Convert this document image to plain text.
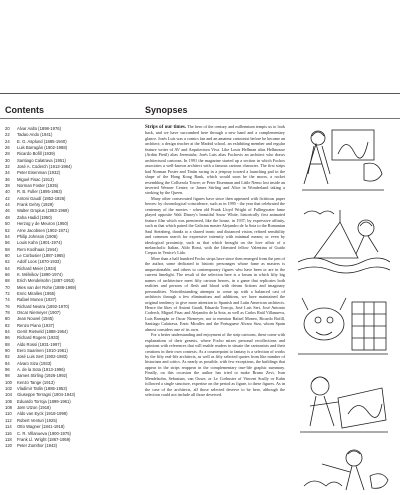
Contents	Synopses
20	Alvar Aalto (1898-1976)
22	Tadao Ando (1941)
24	E. G. Asplund (1885-1940)
26	Luis Barragán (1902-1988)
28	Ricardo Bofill (1939)
30	Santiago Calatrava (1951)
32	José A. Coderch (1913-1984)
34	Peter Eisenman (1932)
36	Miguel Fisac (1913)
38	Norman Foster (1935)
40	R. B. Fuller (1895-1983)
42	Antoni Gaudí (1852-1926)
44	Frank Gehry (1929)
46	Walter Gropius (1883-1969)
48	Zaha Hadid (1950)
50	Herzog y de Meuron (1950)
52	Arne Jacobsen (1902-1971)
54	Philip Johnson (1906)
56	Louis Kahn (1901-1974)
58	Rem Koolhaas (1944)
60	Le Corbusier (1887-1965)
62	Adolf Loos (1870-1933)
64	Richard Meier (1934)
66	K. Mélnikov (1890-1974)
68	Erich Mendelsohn (1887-1953)
70	Mies van der Rohe (1886-1969)
72	Enric Miralles (1955)
74	Rafael Moneo (1937)
76	Richard Neutra (1892-1970)
78	Oscar Niemeyer (1907)
80	Jean Nouvel (1945)
82	Renzo Piano (1937)
84	Gerrit Rietveld (1888-1964)
86	Richard Rogers (1933)
88	Aldo Rossi (1931-1997)
90	Eero Saarinen (1910-1961)
92	José Luis Sert (1902-1983)
94	Alvaro Siza (1933)
96	A. de la Sota (1913-1996)
98	James Stirling (1926-1992)
100	Kenzo Tange (1913)
102	Vladimir Tatlin (1885-1953)
104	Giuseppe Terragni (1904-1943)
106	Eduardo Torroja (1899-1961)
108	Jørn Utzon (1918)
110	Aldo van Eyck (1918-1999)
112	Robert Venturi (1925)
114	Otto Wagner (1841-1918)
116	C. R. Villanueva (1900-1975)
118	Frank Ll. Wright (1867-1959)
120	Peter Zumthor (1943)

Strips of our times. The hero of the century and millennium tempts us to look back, and we have succumbed here through a new hand and a complementary glance. Josés Luis was a comics fan and an amateur cartoonist before he became an architect; a design teacher at the Madrid school, an exhibiting member and regular feature writer of AV and Arquitectura Viva. Like Louis Hellman alias Hellmouse (Ardán Pietil) alias Jeremiahs; Jorés Luis alias Fochovis an architect who draws architectural cartoons. In 1991 the magazine started up a section in which Fochos associates a well-known architect with a famous cartoon character. The first strips had Norman Foster and Tintin racing in a jetspray toward a launching pad in the shape of the Hong Kong Bank, which would soon be the moon, a rocket resembling the Collserola Tower; or Peter Eisenman and Little Nemo lost inside an inverted Wexner Center; or James Stirling and Alice in Wonderland taking a stroking by the Queen.

Many other consecrated figures have since then appeared with fictitious paper heroes: by chronological coincidence, such as in 1995 - the year that celebrated the centenary of the movies - when old Frank Lloyd Wright of Fallingwater fame played opposite Walt Disney's beautiful Snow White, historically first animated feature film which was premiered, like the house, in 1937; by expressive affinity, such as that which paired the Galician master Alejandro de la Sota to the Romanian Saul Steinberg, thanks to a shared ironic and distanced vision, refined sensibility and common search for expressive intensity with minimal means; or even by ideological proximity, such as that which brought on the love affair of a melancholic Italian, Aldo Rossi, with the liberated fellow Valentina of Guido Crepax in Venice's Lido.

More than a half hundred Focho strips have since then emerged from the pen of the author, some dedicated to historic personages whose fame as masters is unquestionable, and others to contemporary figures who have been or are in the current limelight. The result of the selection here is a forum in which fifty big names of architecture meet fifty cartoon heroes, in a game that replicates both realities and persons of flesh and blood with dream fictions and imaginary personalities. Notwithstanding attempts to come up with a balanced cast of architects through a few eliminations and additions, we have maintained the original tendency to give more attention to Spanish and Latin American architects. Hence the likes of Antoni Gaudí, Eduardo Torroja, José Luis Sert, José Antonio Coderch, Miguel Fisac and Alejandro de la Sota, as well as Carlos Raúl Villanueva, Luis Barragán or Oscar Niemeyer, not to mention Rafael Moneo, Ricardo Bofill, Santiago Calatrava, Enric Miralles and the Portuguese Alvaro Siza, whom Spain almost considers one of its own.

For a better understanding and enjoyment of the strip cartoons, these come with explanations of their genesis, where Focho mixes personal recollections and opinions with references that will enable readers to situate the cartoonists and their creations in their own contexts. As a counterpoint to fantasy is a selection of works by the fifty real-life architects, as well as fifty selected quotes from like number of historians and critics. As nearly as possible, with few exceptions, the buildings that appear in the strips reappear in the complementary true-life graphic summary. Finally, on this occasion the author has tried to make Bruno Zevi, Ivan Mendelsohn, Sebastian, van Ouwe, or Le Corbusier of Vincent Scully or Kahn followed a single structure, expertise on the period as figure, to these figures. As in the case of the architects, all those selected deserve to be here, although the selection could not include all those deserved.
